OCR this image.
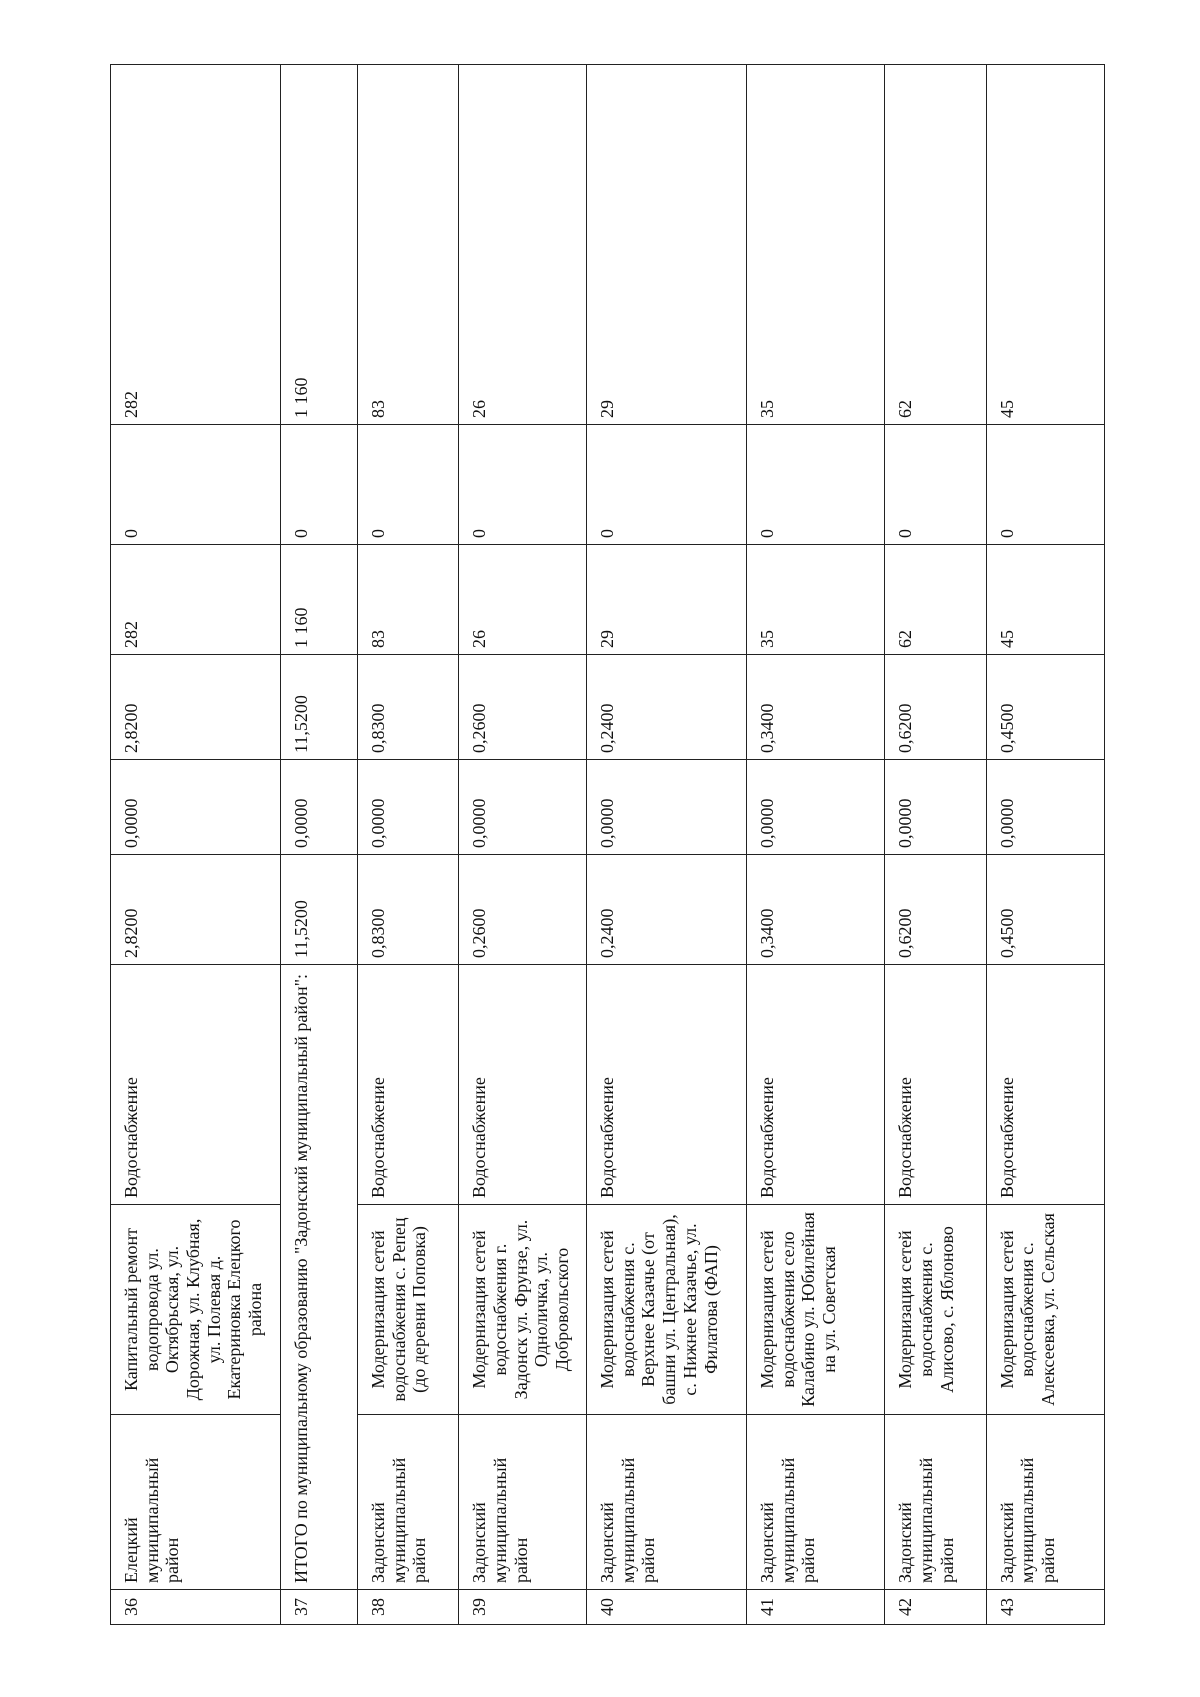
36	Елецкий муниципальный район	Капитальный ремонт водопровода ул. Октябрьская, ул. Дорожная, ул. Клубная, ул. Полевая д. Екатериновка Елецкого района	Водоснабжение	2,8200	0,0000	2,8200	282	0	282
37	ИТОГО по муниципальному образованию "Задонский муниципальный район":			11,5200	0,0000	11,5200	1 160	0	1 160
38	Задонский муниципальный район	Модернизация сетей водоснабжения с. Репец (до деревни Поповка)	Водоснабжение	0,8300	0,0000	0,8300	83	0	83
39	Задонский муниципальный район	Модернизация сетей водоснабжения г. Задонск ул. Фрунзе, ул. Одноличка, ул. Добровольского	Водоснабжение	0,2600	0,0000	0,2600	26	0	26
40	Задонский муниципальный район	Модернизация сетей водоснабжения с. Верхнее Казачье (от башни ул. Центральная), с. Нижнее Казачье, ул. Филатова (ФАП)	Водоснабжение	0,2400	0,0000	0,2400	29	0	29
41	Задонский муниципальный район	Модернизация сетей водоснабжения село Калабино ул. Юбилейная на ул. Советская	Водоснабжение	0,3400	0,0000	0,3400	35	0	35
42	Задонский муниципальный район	Модернизация сетей водоснабжения с. Алисово, с. Яблоново	Водоснабжение	0,6200	0,0000	0,6200	62	0	62
43	Задонский муниципальный район	Модернизация сетей водоснабжения с. Алексеевка, ул. Сельская	Водоснабжение	0,4500	0,0000	0,4500	45	0	45
